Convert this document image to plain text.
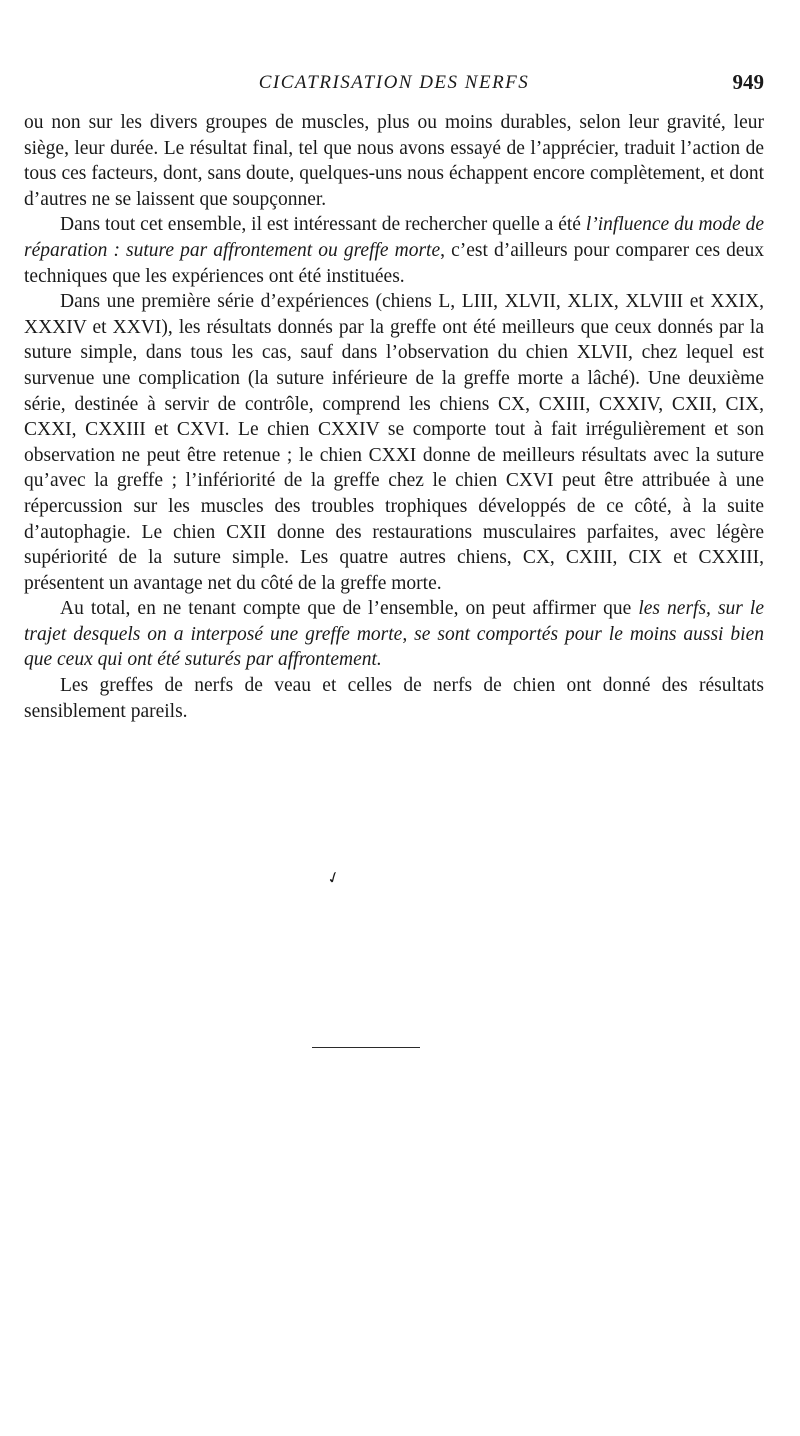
CICATRISATION DES NERFS	949

ou non sur les divers groupes de muscles, plus ou moins durables, selon leur gravité, leur siège, leur durée. Le résultat final, tel que nous avons essayé de l’apprécier, traduit l’action de tous ces facteurs, dont, sans doute, quelques-uns nous échappent encore complètement, et dont d’autres ne se laissent que soupçonner.

Dans tout cet ensemble, il est intéressant de rechercher quelle a été l’influence du mode de réparation : suture par affrontement ou greffe morte, c’est d’ailleurs pour comparer ces deux techniques que les expériences ont été instituées.

Dans une première série d’expériences (chiens L, LIII, XLVII, XLIX, XLVIII et XXIX, XXXIV et XXVI), les résultats donnés par la greffe ont été meilleurs que ceux donnés par la suture simple, dans tous les cas, sauf dans l’observation du chien XLVII, chez lequel est survenue une complication (la suture inférieure de la greffe morte a lâché). Une deuxième série, destinée à servir de contrôle, comprend les chiens CX, CXIII, CXXIV, CXII, CIX, CXXI, CXXIII et CXVI. Le chien CXXIV se comporte tout à fait irrégulièrement et son observation ne peut être retenue ; le chien CXXI donne de meilleurs résultats avec la suture qu’avec la greffe ; l’infériorité de la greffe chez le chien CXVI peut être attribuée à une répercussion sur les muscles des troubles trophiques développés de ce côté, à la suite d’autophagie. Le chien CXII donne des restaurations musculaires parfaites, avec légère supériorité de la suture simple. Les quatre autres chiens, CX, CXIII, CIX et CXXIII, présentent un avantage net du côté de la greffe morte.

Au total, en ne tenant compte que de l’ensemble, on peut affirmer que les nerfs, sur le trajet desquels on a interposé une greffe morte, se sont comportés pour le moins aussi bien que ceux qui ont été suturés par affrontement.

Les greffes de nerfs de veau et celles de nerfs de chien ont donné des résultats sensiblement pareils.

✓
